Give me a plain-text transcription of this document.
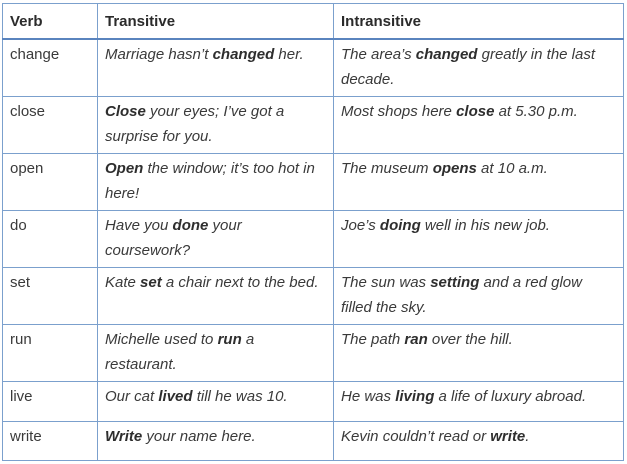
Verb	Transitive	Intransitive
change	Marriage hasn’t changed her.	The area’s changed greatly in the last decade.
close	Close your eyes; I’ve got a surprise for you.	Most shops here close at 5.30 p.m.
open	Open the window; it’s too hot in here!	The museum opens at 10 a.m.
do	Have you done your coursework?	Joe’s doing well in his new job.
set	Kate set a chair next to the bed.	The sun was setting and a red glow filled the sky.
run	Michelle used to run a restaurant.	The path ran over the hill.
live	Our cat lived till he was 10.	He was living a life of luxury abroad.
write	Write your name here.	Kevin couldn’t read or write.
